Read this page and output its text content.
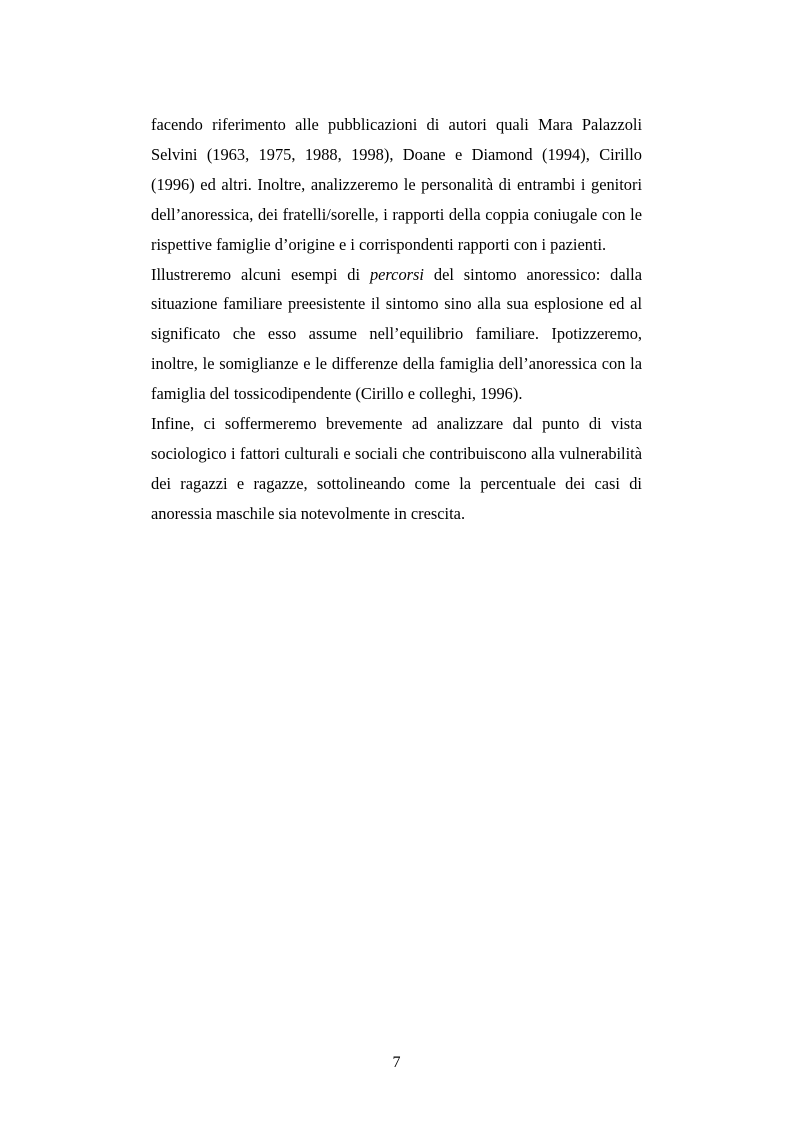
facendo riferimento alle pubblicazioni di autori quali Mara Palazzoli Selvini (1963, 1975, 1988, 1998), Doane e Diamond (1994), Cirillo (1996) ed altri. Inoltre, analizzeremo le personalità di entrambi i genitori dell’anoressica, dei fratelli/sorelle, i rapporti della coppia coniugale con le rispettive famiglie d’origine e i corrispondenti rapporti con i pazienti.

Illustreremo alcuni esempi di percorsi del sintomo anoressico: dalla situazione familiare preesistente il sintomo sino alla sua esplosione ed al significato che esso assume nell’equilibrio familiare. Ipotizzeremo, inoltre, le somiglianze e le differenze della famiglia dell’anoressica con la famiglia del tossicodipendente (Cirillo e colleghi, 1996).

Infine, ci soffermeremo brevemente ad analizzare dal punto di vista sociologico i fattori culturali e sociali che contribuiscono alla vulnerabilità dei ragazzi e ragazze, sottolineando come la percentuale dei casi di anoressia maschile sia notevolmente in crescita.

7
